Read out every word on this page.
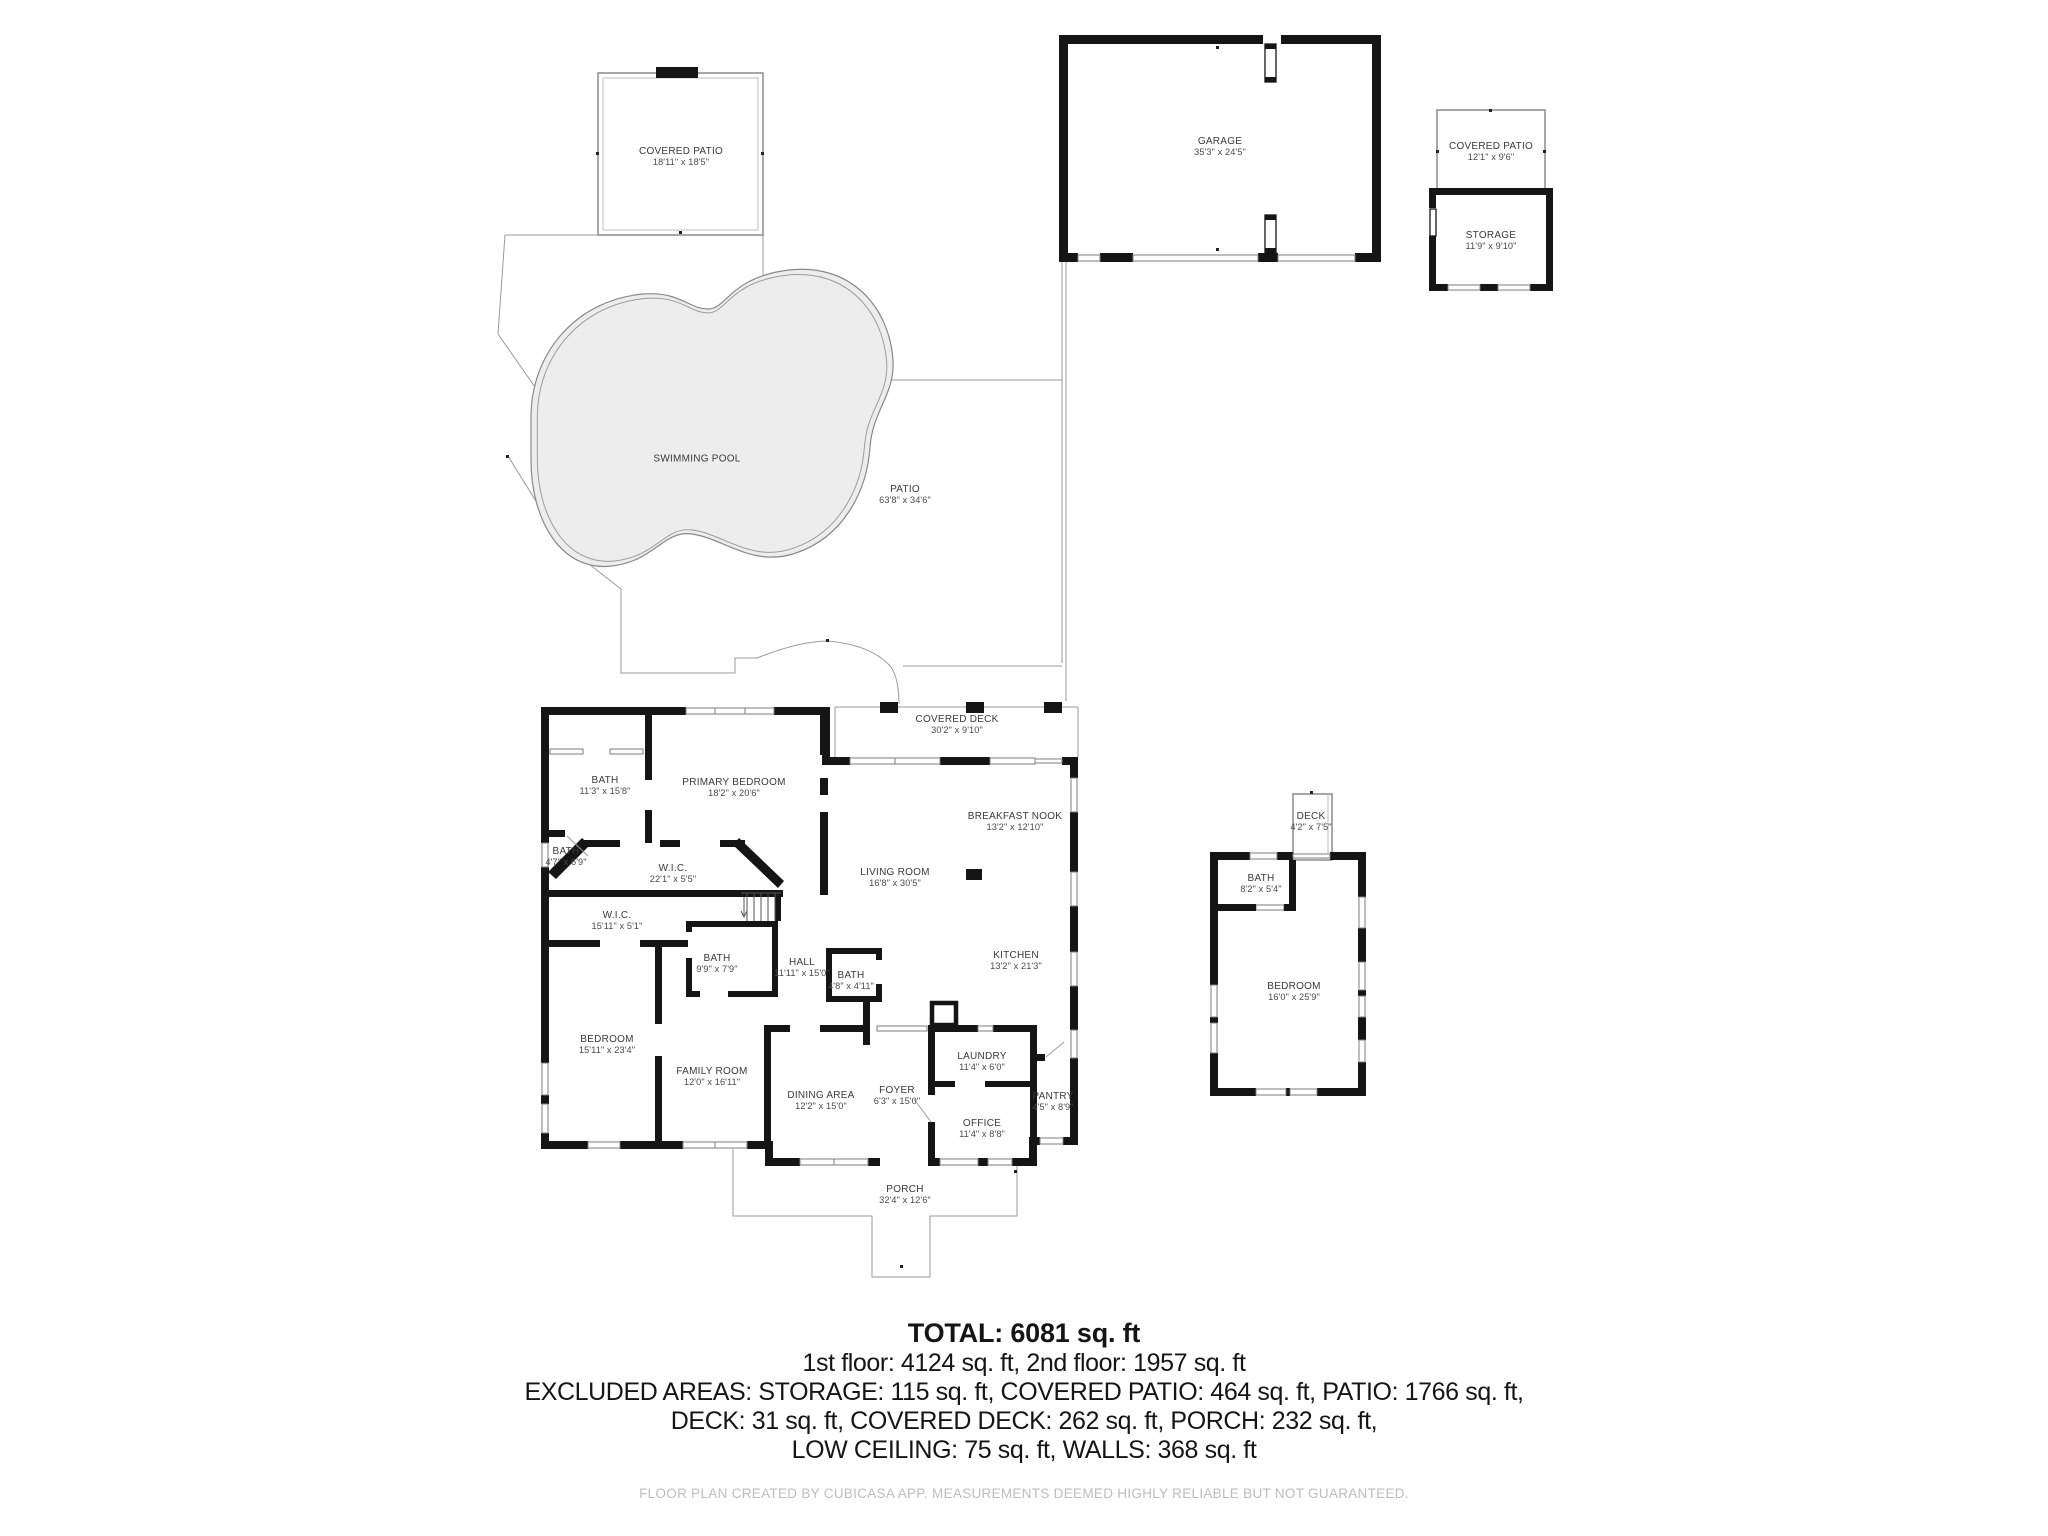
COVERED PATIO
18'11" x 18'5"
GARAGE
35'3" x 24'5"	COVERED PATIO
12'1" x 9'6"
STORAGE
11'9" x 9'10"
SWIMMING POOL
PATIO
63'8" x 34'6"
COVERED DECK
30'2" x 9'10"
BATH
11'3" x 15'8"
PRIMARY BEDROOM
18'2" x 20'6"
BREAKFAST NOOK
13'2" x 12'10"
LIVING ROOM
16'8" x 30'5"
BATH
4'7" x 6'9"
W.I.C.
22'1" x 5'5"
W.I.C.
15'11" x 5'1"
BATH
9'9" x 7'9"
HALL
11'11" x 15'0" BATH
4'8" x 4'11"
KITCHEN
13'2" x 21'3"
BEDROOM
15'11" x 23'4"
FAMILY ROOM
12'0" x 16'11"
DINING AREA
12'2" x 15'0"
FOYER
6'3" x 15'0"
LAUNDRY
11'4" x 6'0"
OFFICE
11'4" x 8'8"
PANTRY
4'5" x 8'9"
PORCH
32'4" x 12'6"
DECK
4'2" x 7'5"
BATH
8'2" x 5'4"
BEDROOM
16'0" x 25'9"
TOTAL: 6081 sq. ft
1st floor: 4124 sq. ft, 2nd floor: 1957 sq. ft
EXCLUDED AREAS: STORAGE: 115 sq. ft, COVERED PATIO: 464 sq. ft, PATIO: 1766 sq. ft,
DECK: 31 sq. ft, COVERED DECK: 262 sq. ft, PORCH: 232 sq. ft,
LOW CEILING: 75 sq. ft, WALLS: 368 sq. ft
FLOOR PLAN CREATED BY CUBICASA APP. MEASUREMENTS DEEMED HIGHLY RELIABLE BUT NOT GUARANTEED.
